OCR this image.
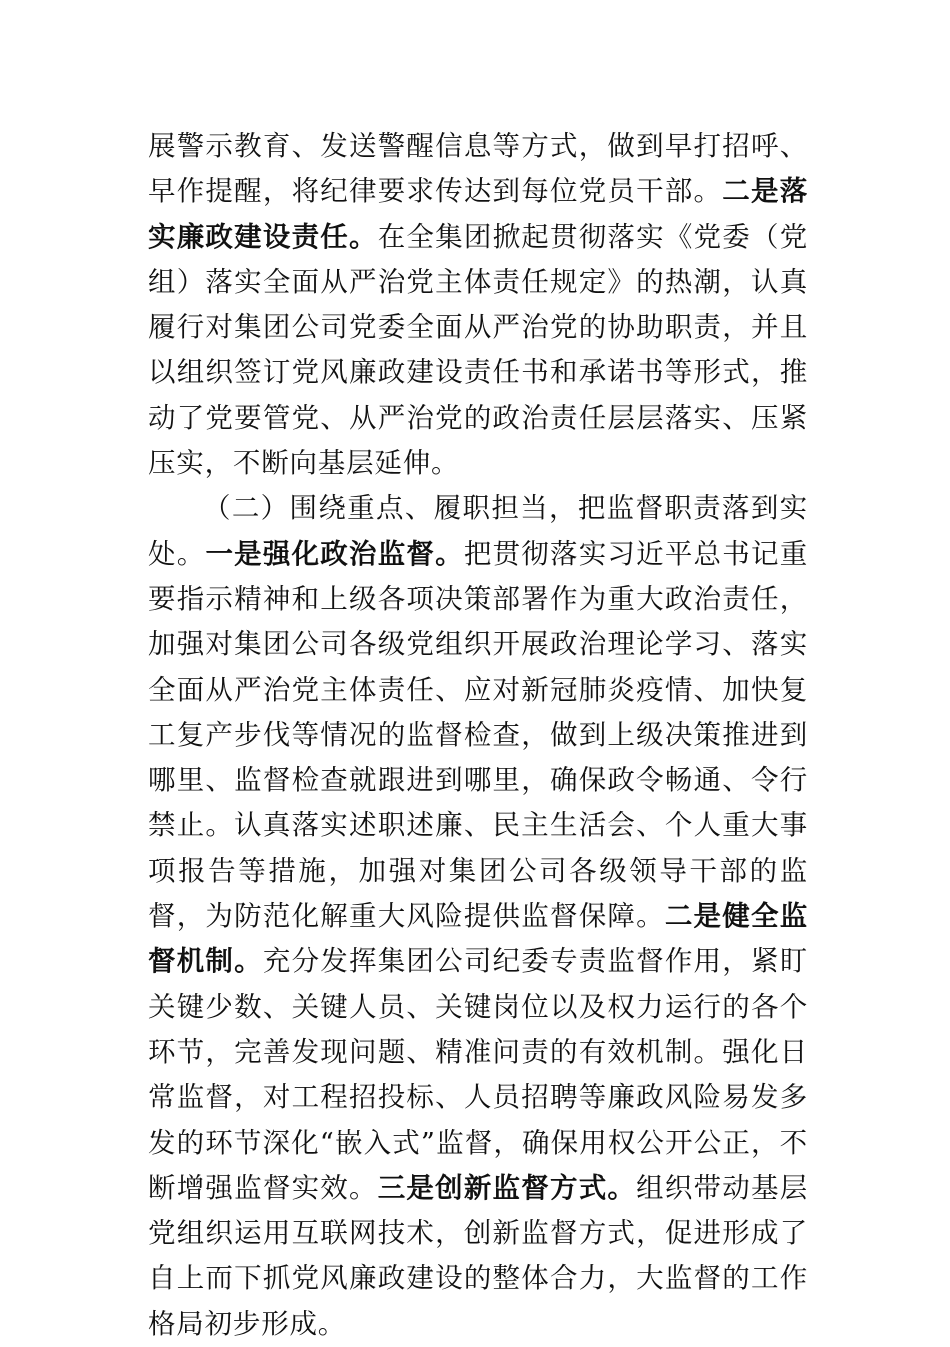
展警示教育、发送警醒信息等方式，做到早打招呼、早作提醒，将纪律要求传达到每位党员干部。二是落实廉政建设责任。在全集团掀起贯彻落实《党委（党组）落实全面从严治党主体责任规定》的热潮，认真履行对集团公司党委全面从严治党的协助职责，并且以组织签订党风廉政建设责任书和承诺书等形式，推动了党要管党、从严治党的政治责任层层落实、压紧压实，不断向基层延伸。

（二）围绕重点、履职担当，把监督职责落到实处。一是强化政治监督。把贯彻落实习近平总书记重要指示精神和上级各项决策部署作为重大政治责任，加强对集团公司各级党组织开展政治理论学习、落实全面从严治党主体责任、应对新冠肺炎疫情、加快复工复产步伐等情况的监督检查，做到上级决策推进到哪里、监督检查就跟进到哪里，确保政令畅通、令行禁止。认真落实述职述廉、民主生活会、个人重大事项报告等措施，加强对集团公司各级领导干部的监督，为防范化解重大风险提供监督保障。二是健全监督机制。充分发挥集团公司纪委专责监督作用，紧盯关键少数、关键人员、关键岗位以及权力运行的各个环节，完善发现问题、精准问责的有效机制。强化日常监督，对工程招投标、人员招聘等廉政风险易发多发的环节深化“嵌入式”监督，确保用权公开公正，不断增强监督实效。三是创新监督方式。组织带动基层党组织运用互联网技术，创新监督方式，促进形成了自上而下抓党风廉政建设的整体合力，大监督的工作格局初步形成。
